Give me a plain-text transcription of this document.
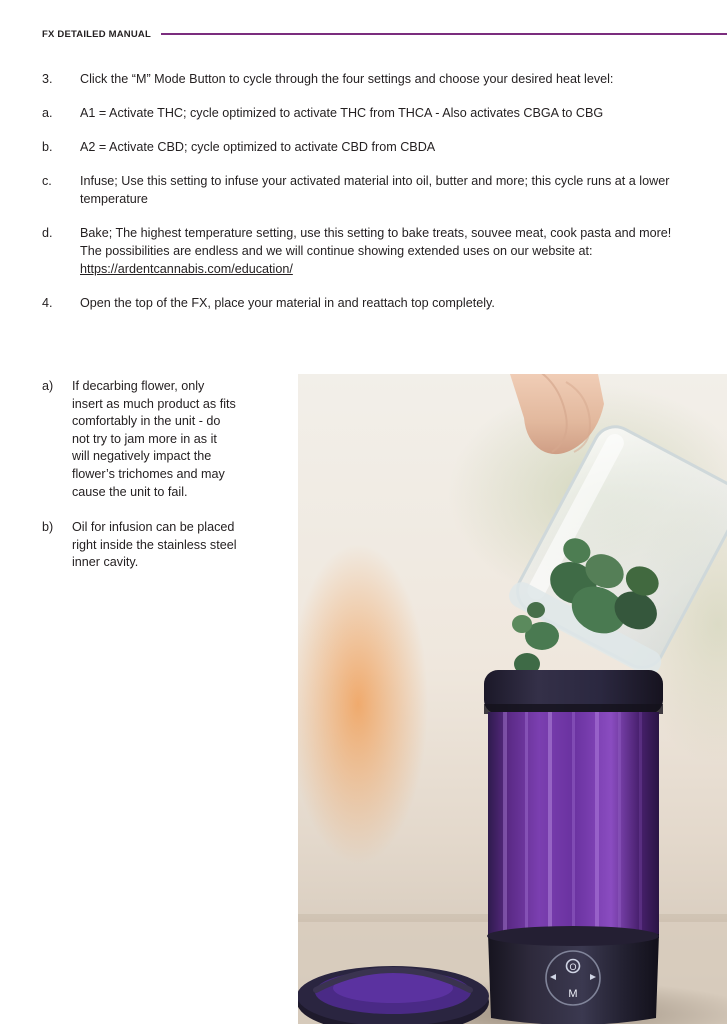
FX DETAILED MANUAL
3.	Click the “M” Mode Button to cycle through the four settings and choose your desired heat level:
a.	A1 = Activate THC; cycle optimized to activate THC from THCA - Also activates CBGA to CBG
b.	A2 = Activate CBD; cycle optimized to activate CBD from CBDA
c.	Infuse; Use this setting to infuse your activated material into oil, butter and more; this cycle runs at a lower temperature
d.	Bake; The highest temperature setting, use this setting to bake treats, souvee meat, cook pasta and more! The possibilities are endless and we will continue showing extended uses on our website at: https://ardentcannabis.com/education/
4.	Open the top of the FX, place your material in and reattach top completely.
a)	If decarbing flower, only insert as much product as fits comfortably in the unit - do not try to jam more in as it will negatively impact the flower’s trichomes and may cause the unit to fail.
b)	Oil for infusion can be placed right inside the stainless steel inner cavity.
O
M
